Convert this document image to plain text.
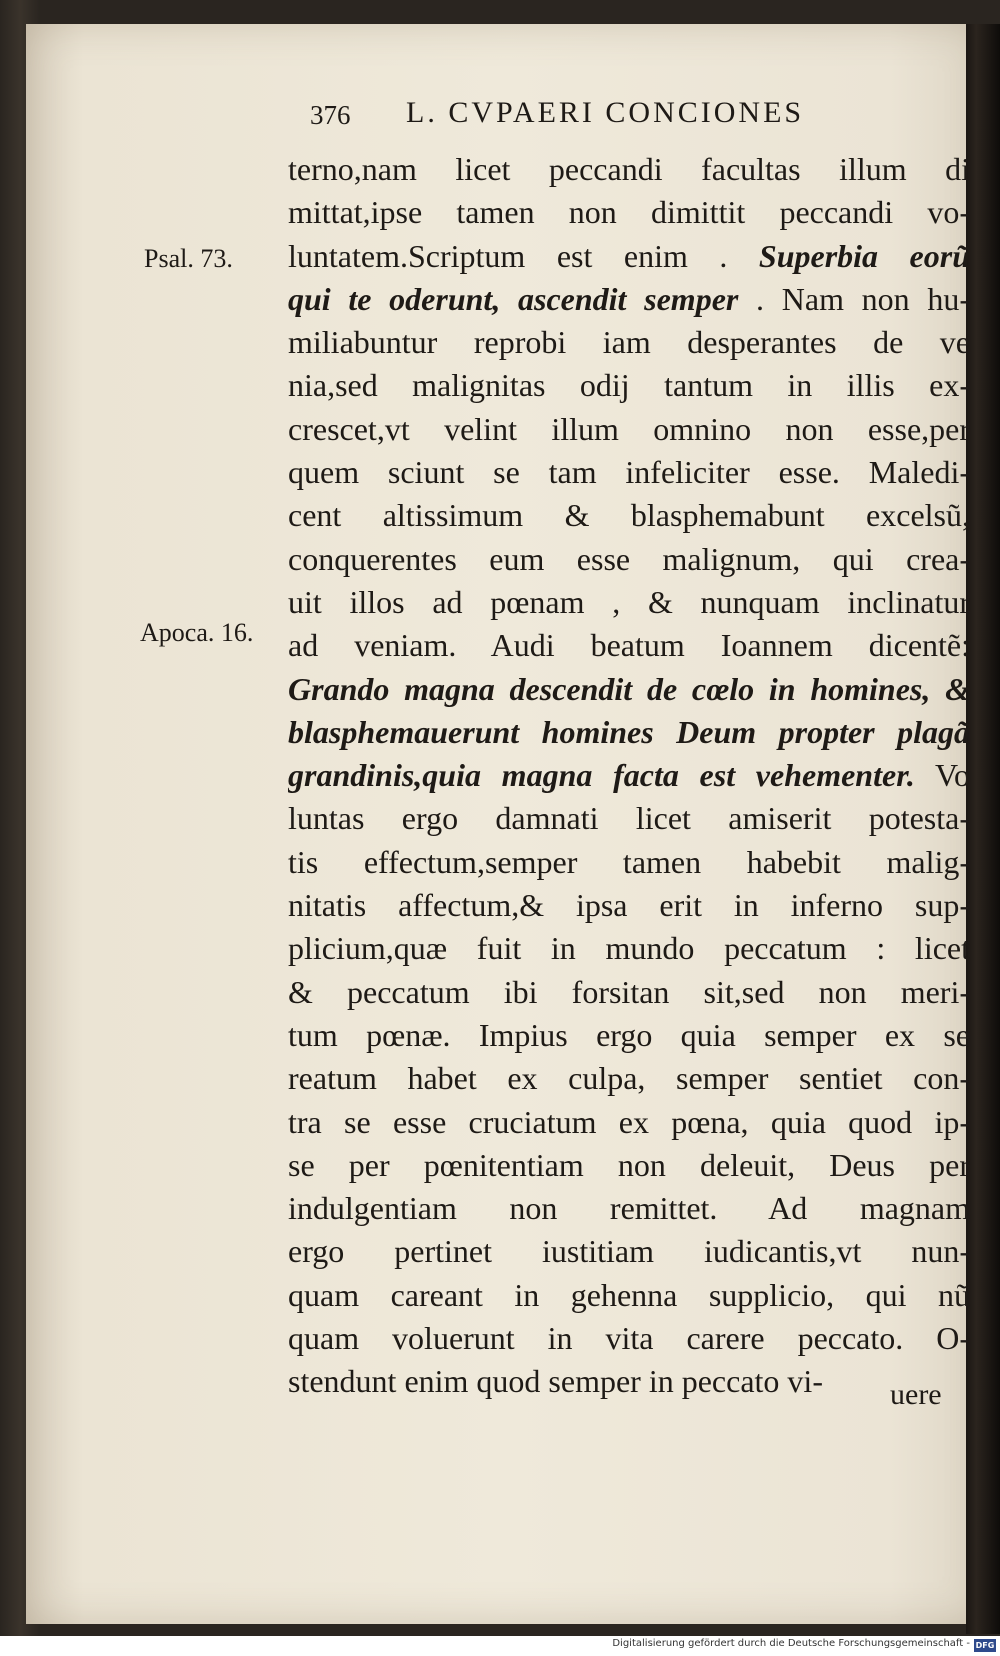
376 L. CVPAERI CONCIONES
Psal. 73.
Apoca. 16.
terno,nam licet peccandi facultas illum di
mittat,ipse tamen non dimittit peccandi vo-
luntatem.Scriptum est enim . Superbia eorũ
qui te oderunt, ascendit semper . Nam non hu-
miliabuntur reprobi iam desperantes de ve
nia,sed malignitas odij tantum in illis ex-
crescet,vt velint illum omnino non esse,per
quem sciunt se tam infeliciter esse. Maledi-
cent altissimum & blasphemabunt excelsũ,
conquerentes eum esse malignum, qui crea-
uit illos ad pœnam , & nunquam inclinatur
ad veniam. Audi beatum Ioannem dicentẽ:
Grando magna descendit de cœlo in homines, &
blasphemauerunt homines Deum propter plagã
grandinis,quia magna facta est vehementer. Vo
luntas ergo damnati licet amiserit potesta-
tis effectum,semper tamen habebit malig-
nitatis affectum,& ipsa erit in inferno sup-
plicium,quæ fuit in mundo peccatum : licet
& peccatum ibi forsitan sit,sed non meri-
tum pœnæ. Impius ergo quia semper ex se
reatum habet ex culpa, semper sentiet con-
tra se esse cruciatum ex pœna, quia quod ip-
se per pœnitentiam non deleuit, Deus per
indulgentiam non remittet. Ad magnam
ergo pertinet iustitiam iudicantis,vt nun-
quam careant in gehenna supplicio, qui nũ
quam voluerunt in vita carere peccato. O-
stendunt enim quod semper in peccato vi-	uere
Digitalisierung gefördert durch die Deutsche Forschungsgemeinschaft - DFG
